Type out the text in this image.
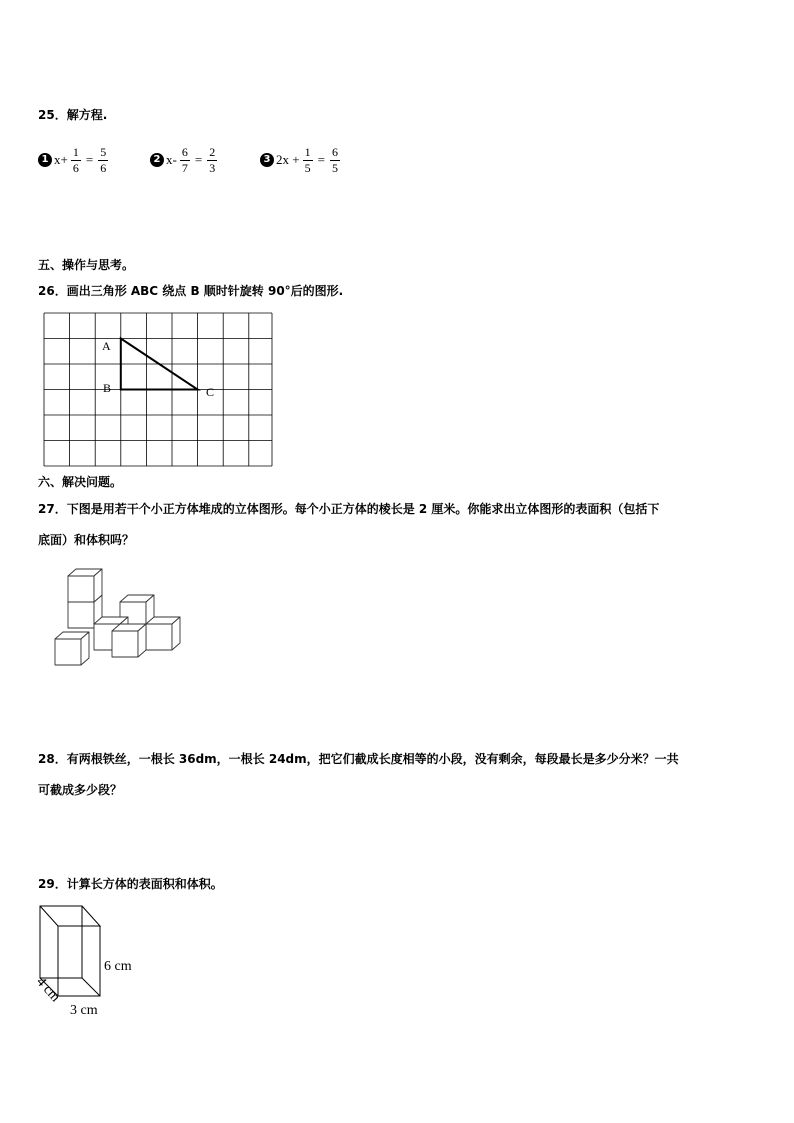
25．解方程.
1 $x+ \frac{1}{6} = \frac{5}{6}$	2 $x- \frac{6}{7} = \frac{2}{3}$	3 $2x + \frac{1}{5} = \frac{6}{5}$
五、操作与思考。
26．画出三角形 ABC 绕点 B 顺时针旋转 90°后的图形.
A
B	C
六、解决问题。
27．下图是用若干个小正方体堆成的立体图形。每个小正方体的棱长是 2 厘米。你能求出立体图形的表面积（包括下
底面）和体积吗？
28．有两根铁丝，一根长 36dm，一根长 24dm，把它们截成长度相等的小段，没有剩余，每段最长是多少分米？一共
可截成多少段？
29．计算长方体的表面积和体积。
6 cm
4 cm
3 cm
